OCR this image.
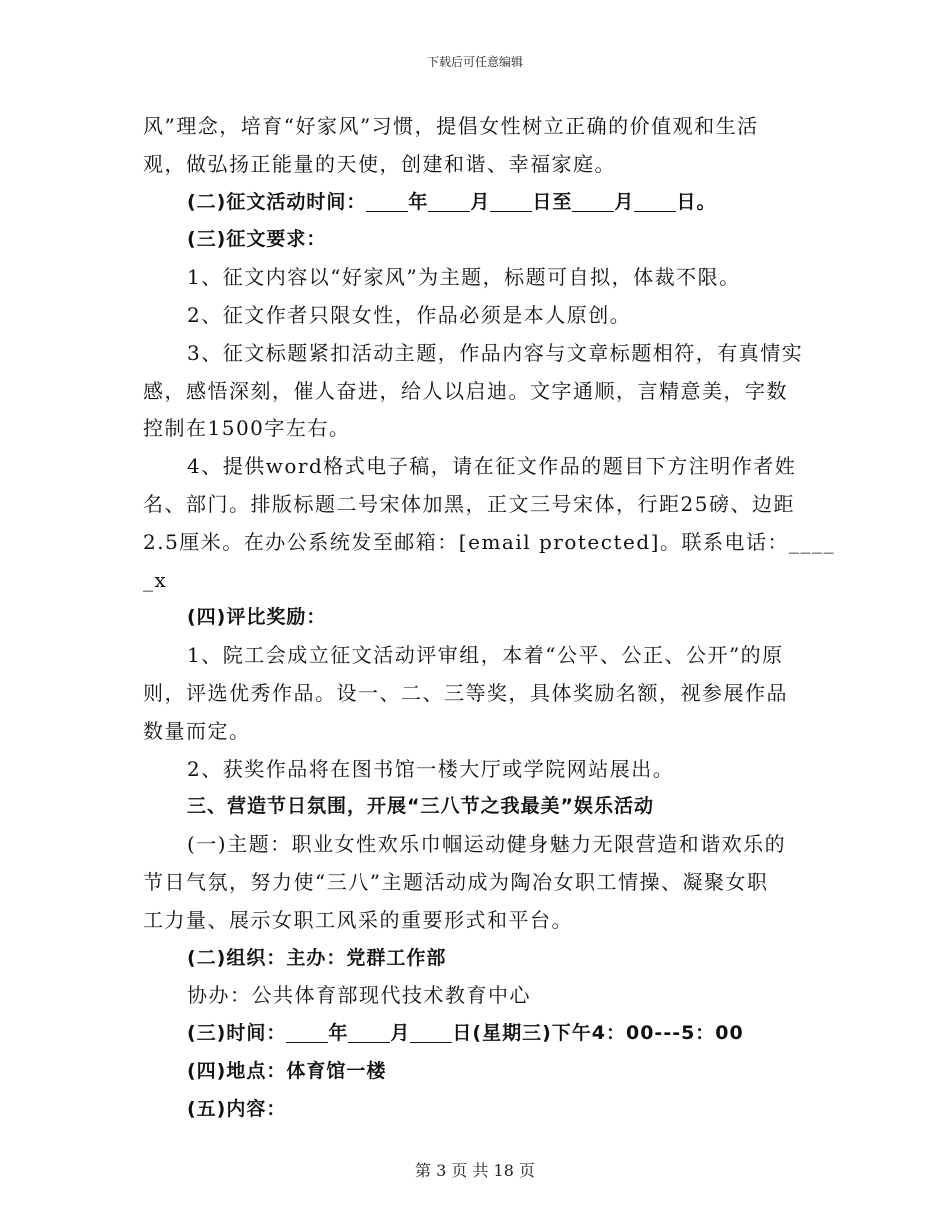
下载后可任意编辑
风”理念，培育“好家风”习惯，提倡女性树立正确的价值观和生活
观，做弘扬正能量的天使，创建和谐、幸福家庭。
(二)征文活动时间： 年 月 日至 月 日。
(三)征文要求：
1、征文内容以“好家风”为主题，标题可自拟，体裁不限。
2、征文作者只限女性，作品必须是本人原创。
3、征文标题紧扣活动主题，作品内容与文章标题相符，有真情实
感，感悟深刻，催人奋进，给人以启迪。文字通顺，言精意美，字数
控制在1500字左右。
4、提供word格式电子稿，请在征文作品的题目下方注明作者姓
名、部门。排版标题二号宋体加黑，正文三号宋体，行距25磅、边距
2.5厘米。在办公系统发至邮箱：[email protected]。联系电话：____
_x
(四)评比奖励：
1、院工会成立征文活动评审组，本着“公平、公正、公开”的原
则，评选优秀作品。设一、二、三等奖，具体奖励名额，视参展作品
数量而定。
2、获奖作品将在图书馆一楼大厅或学院网站展出。
三、营造节日氛围，开展“三八节之我最美”娱乐活动
(一)主题：职业女性欢乐巾帼运动健身魅力无限营造和谐欢乐的
节日气氛，努力使“三八”主题活动成为陶冶女职工情操、凝聚女职
工力量、展示女职工风采的重要形式和平台。
(二)组织：主办：党群工作部
协办：公共体育部现代技术教育中心
(三)时间： 年 月 日(星期三)下午4：00---5：00
(四)地点：体育馆一楼
(五)内容：
第 3 页 共 18 页
